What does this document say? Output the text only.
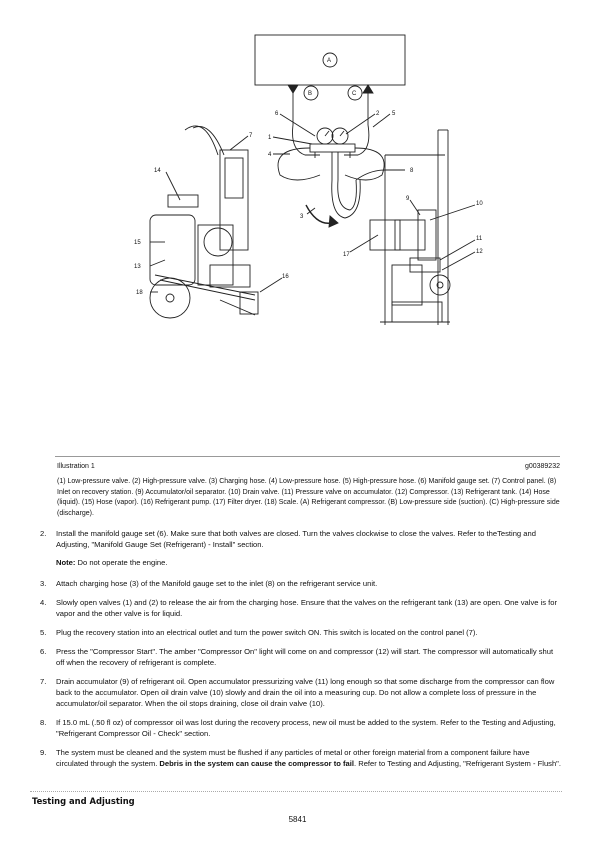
A
B	C
6
1
4
2 5
7
8
3
9
10
11
12
17
14
15
13
18
16
Illustration 1	g00389232
(1) Low-pressure valve. (2) High-pressure valve. (3) Charging hose. (4) Low-pressure hose. (5) High-pressure hose. (6) Manifold gauge set. (7) Control panel. (8) Inlet on recovery station. (9) Accumulator/oil separator. (10) Drain valve. (11) Pressure valve on accumulator. (12) Compressor. (13) Refrigerant tank. (14) Hose (liquid). (15) Hose (vapor). (16) Refrigerant pump. (17) Filter dryer. (18) Scale. (A) Refrigerant compressor. (B) Low-pressure side (suction). (C) High-pressure side (discharge).
2. Install the manifold gauge set (6). Make sure that both valves are closed. Turn the valves clockwise to close the valves. Refer to theTesting and Adjusting, "Manifold Gauge Set (Refrigerant) - Install" section.
Note: Do not operate the engine.
3. Attach charging hose (3) of the Manifold gauge set to the inlet (8) on the refrigerant service unit.
4. Slowly open valves (1) and (2) to release the air from the charging hose. Ensure that the valves on the refrigerant tank (13) are open. One valve is for vapor and the other valve is for liquid.
5. Plug the recovery station into an electrical outlet and turn the power switch ON. This switch is located on the control panel (7).
6. Press the "Compressor Start". The amber "Compressor On" light will come on and compressor (12) will start. The compressor will automatically shut off when the recovery of refrigerant is complete.
7. Drain accumulator (9) of refrigerant oil. Open accumulator pressurizing valve (11) long enough so that some discharge from the compressor can flow back to the accumulator. Open oil drain valve (10) slowly and drain the oil into a measuring cup. Do not allow a complete loss of pressure in the accumulator/oil separator. When the oil stops draining, close oil drain valve (10).
8. If 15.0 mL (.50 fl oz) of compressor oil was lost during the recovery process, new oil must be added to the system. Refer to the Testing and Adjusting, "Refrigerant Compressor Oil - Check" section.
9. The system must be cleaned and the system must be flushed if any particles of metal or other foreign material from a component failure have circulated through the system. Debris in the system can cause the compressor to fail. Refer to Testing and Adjusting, "Refrigerant System - Flush".
Testing and Adjusting
5841
